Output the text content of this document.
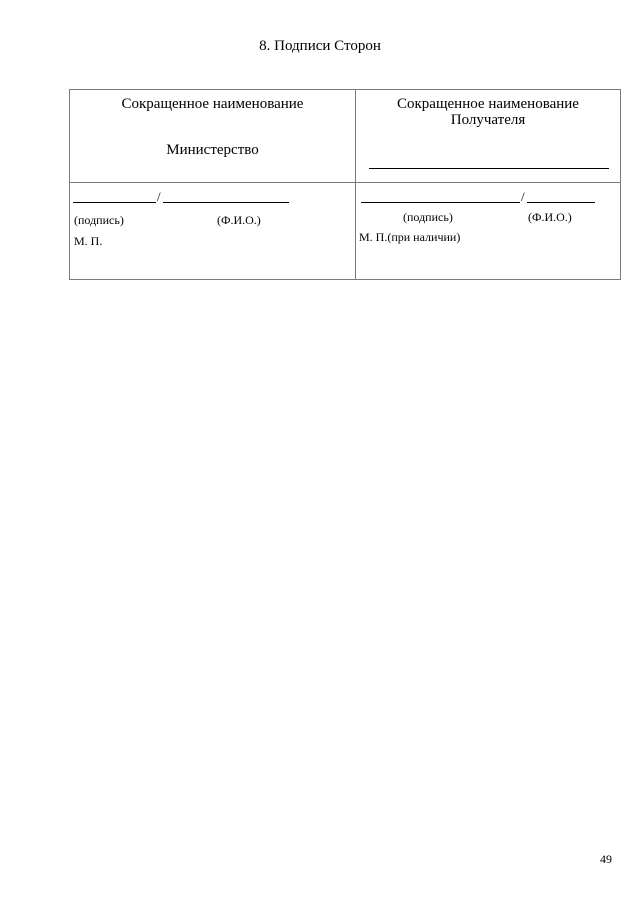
8. Подписи Сторон
Сокращенное наименование
Министерство
Сокращенное наименование
Получателя
/
(подпись)	(Ф.И.О.)
М. П.
/
(подпись)	(Ф.И.О.)
М. П.(при наличии)
49
